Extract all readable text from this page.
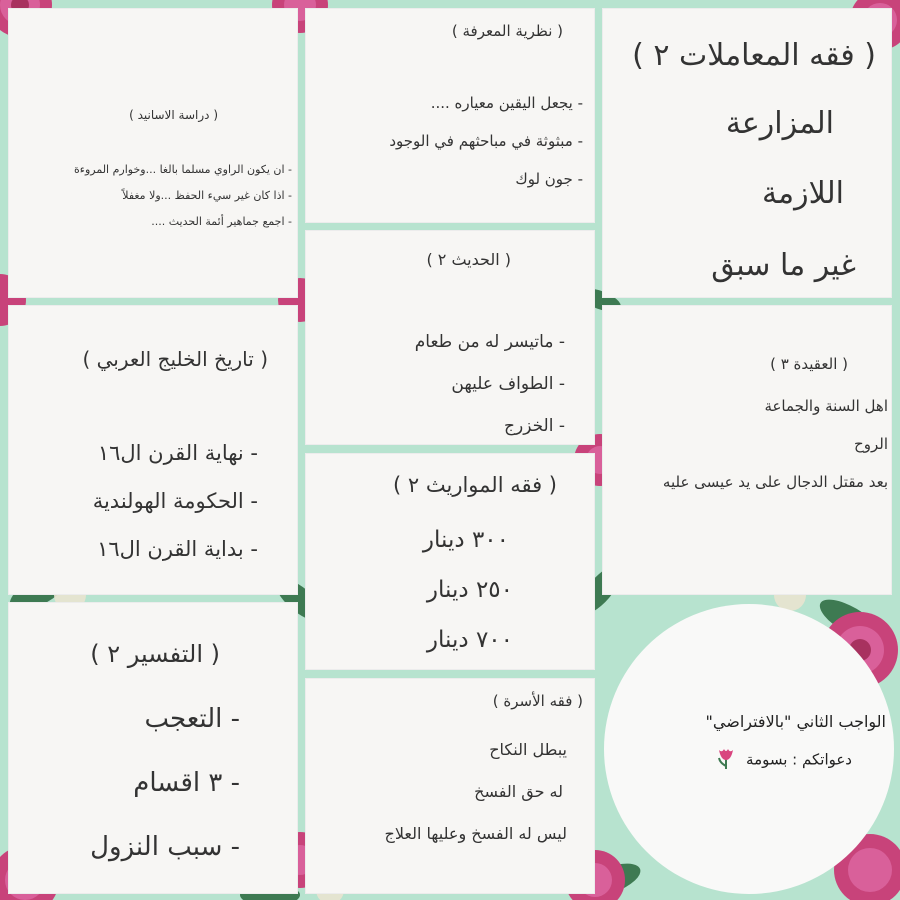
( دراسة الاسانيد )
- ان يكون الراوي مسلما بالغا ...وخوارم المروءة
- اذا كان غير سيء الحفظ ...ولا مغفلاً
- اجمع جماهير أئمة الحديث ....
( نظرية المعرفة )
- يجعل اليقين معياره ....
- مبثوثة في مباحثهم في الوجود
- جون لوك
( فقه المعاملات ٢ )
المزارعة
اللازمة
غير ما سبق
( الحديث ٢ )
- ماتيسر له من طعام
- الطواف عليهن
- الخزرج
( تاريخ الخليج العربي )
- نهاية القرن ال١٦
- الحكومة الهولندية
- بداية القرن ال١٦
( العقيدة ٣ )
اهل السنة والجماعة
الروح
بعد مقتل الدجال على يد عيسى عليه
( فقه المواريث ٢ )
٣٠٠ دينار
٢٥٠ دينار
٧٠٠ دينار
( التفسير ٢ )
- التعجب
- ٣ اقسام
- سبب النزول
( فقه الأسرة )
يبطل النكاح
له حق الفسخ
ليس له الفسخ وعليها العلاج
الواجب الثاني "بالافتراضي"
دعواتكم : بسومة
